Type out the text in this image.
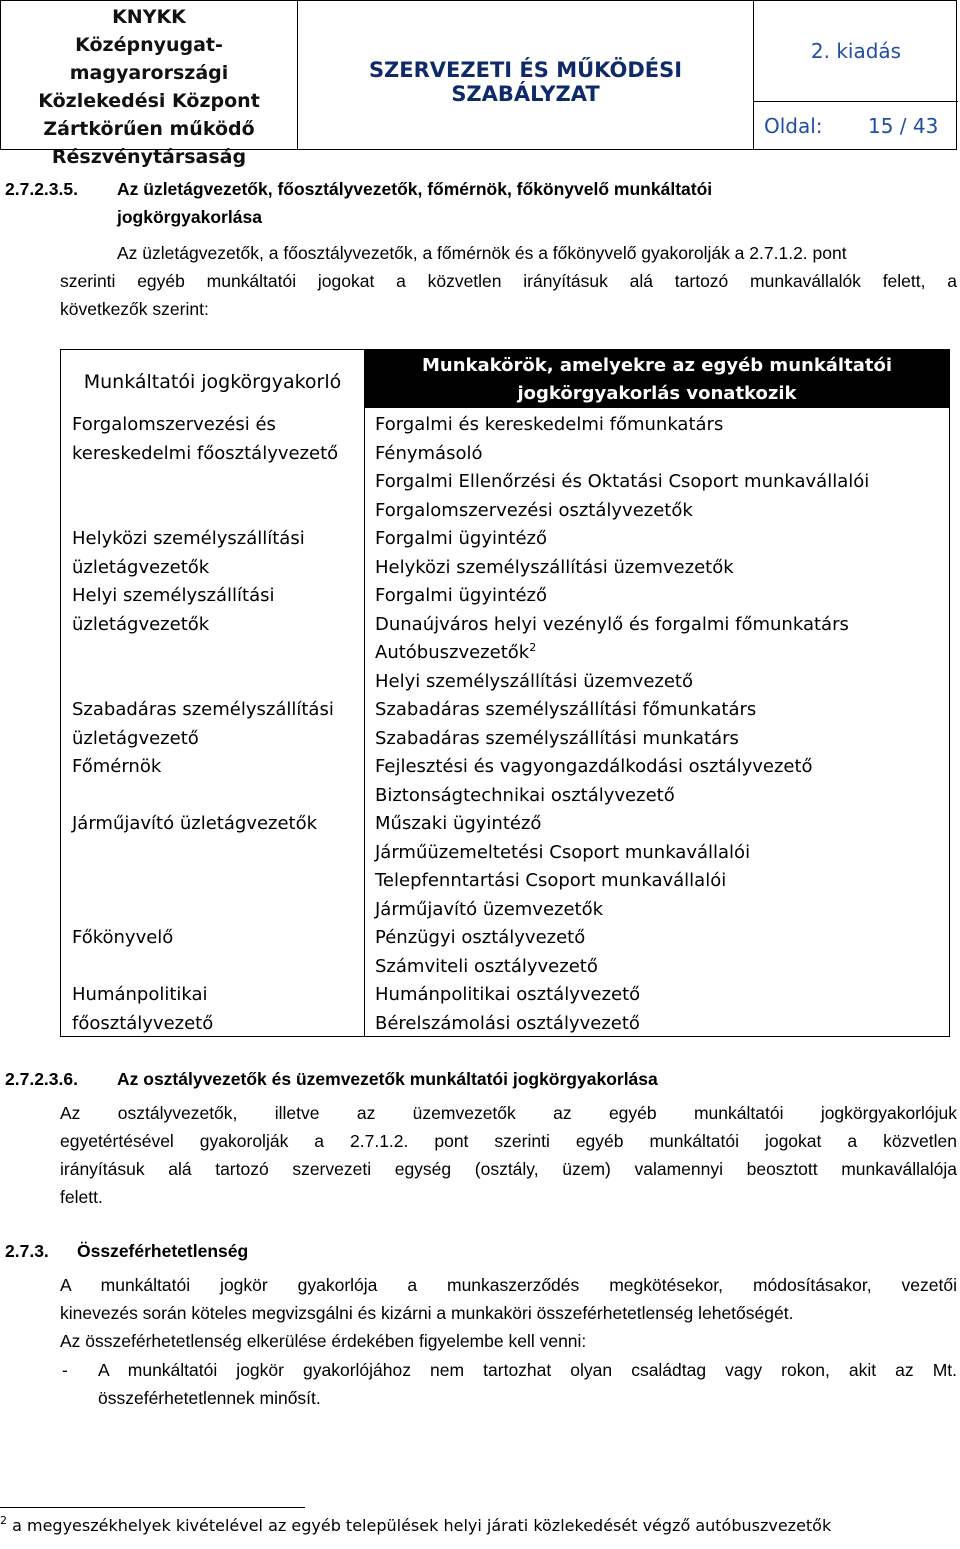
KNYKK
Középnyugat-magyarországi
Közlekedési Központ
Zártkörűen működő
Részvénytársaság
SZERVEZETI ÉS MŰKÖDÉSI SZABÁLYZAT
2. kiadás
Oldal: 15 / 43
2.7.2.3.5. Az üzletágvezetők, főosztályvezetők, főmérnök, főkönyvelő munkáltatói
jogkörgyakorlása
Az üzletágvezetők, a főosztályvezetők, a főmérnök és a főkönyvelő gyakorolják a 2.7.1.2. pont
szerinti egyéb munkáltatói jogokat a közvetlen irányításuk alá tartozó munkavállalók felett, a
következők szerint:
Munkáltatói jogkörgyakorló
Munkakörök, amelyekre az egyéb munkáltatói
jogkörgyakorlás vonatkozik
Forgalomszervezési és
kereskedelmi főosztályvezető
Helyközi személyszállítási
üzletágvezetők
Helyi személyszállítási
üzletágvezetők
Szabadáras személyszállítási
üzletágvezető
Főmérnök
Járműjavító üzletágvezetők
Főkönyvelő
Humánpolitikai
főosztályvezető
Forgalmi és kereskedelmi főmunkatárs
Fénymásoló
Forgalmi Ellenőrzési és Oktatási Csoport munkavállalói
Forgalomszervezési osztályvezetők
Forgalmi ügyintéző
Helyközi személyszállítási üzemvezetők
Forgalmi ügyintéző
Dunaújváros helyi vezénylő és forgalmi főmunkatárs
Autóbuszvezetők$^2$
Helyi személyszállítási üzemvezető
Szabadáras személyszállítási főmunkatárs
Szabadáras személyszállítási munkatárs
Fejlesztési és vagyongazdálkodási osztályvezető
Biztonságtechnikai osztályvezető
Műszaki ügyintéző
Járműüzemeltetési Csoport munkavállalói
Telepfenntartási Csoport munkavállalói
Járműjavító üzemvezetők
Pénzügyi osztályvezető
Számviteli osztályvezető
Humánpolitikai osztályvezető
Bérelszámolási osztályvezető
2.7.2.3.6. Az osztályvezetők és üzemvezetők munkáltatói jogkörgyakorlása
Az osztályvezetők, illetve az üzemvezetők az egyéb munkáltatói jogkörgyakorlójuk
egyetértésével gyakorolják a 2.7.1.2. pont szerinti egyéb munkáltatói jogokat a közvetlen
irányításuk alá tartozó szervezeti egység (osztály, üzem) valamennyi beosztott munkavállalója
felett.
2.7.3. Összeférhetetlenség
A munkáltatói jogkör gyakorlója a munkaszerződés megkötésekor, módosításakor, vezetői
kinevezés során köteles megvizsgálni és kizárni a munkaköri összeférhetetlenség lehetőségét.
Az összeférhetetlenség elkerülése érdekében figyelembe kell venni:
- A munkáltatói jogkör gyakorlójához nem tartozhat olyan családtag vagy rokon, akit az Mt.
összeférhetetlennek minősít.
$^2$ a megyeszékhelyek kivételével az egyéb települések helyi járati közlekedését végző autóbuszvezetők
